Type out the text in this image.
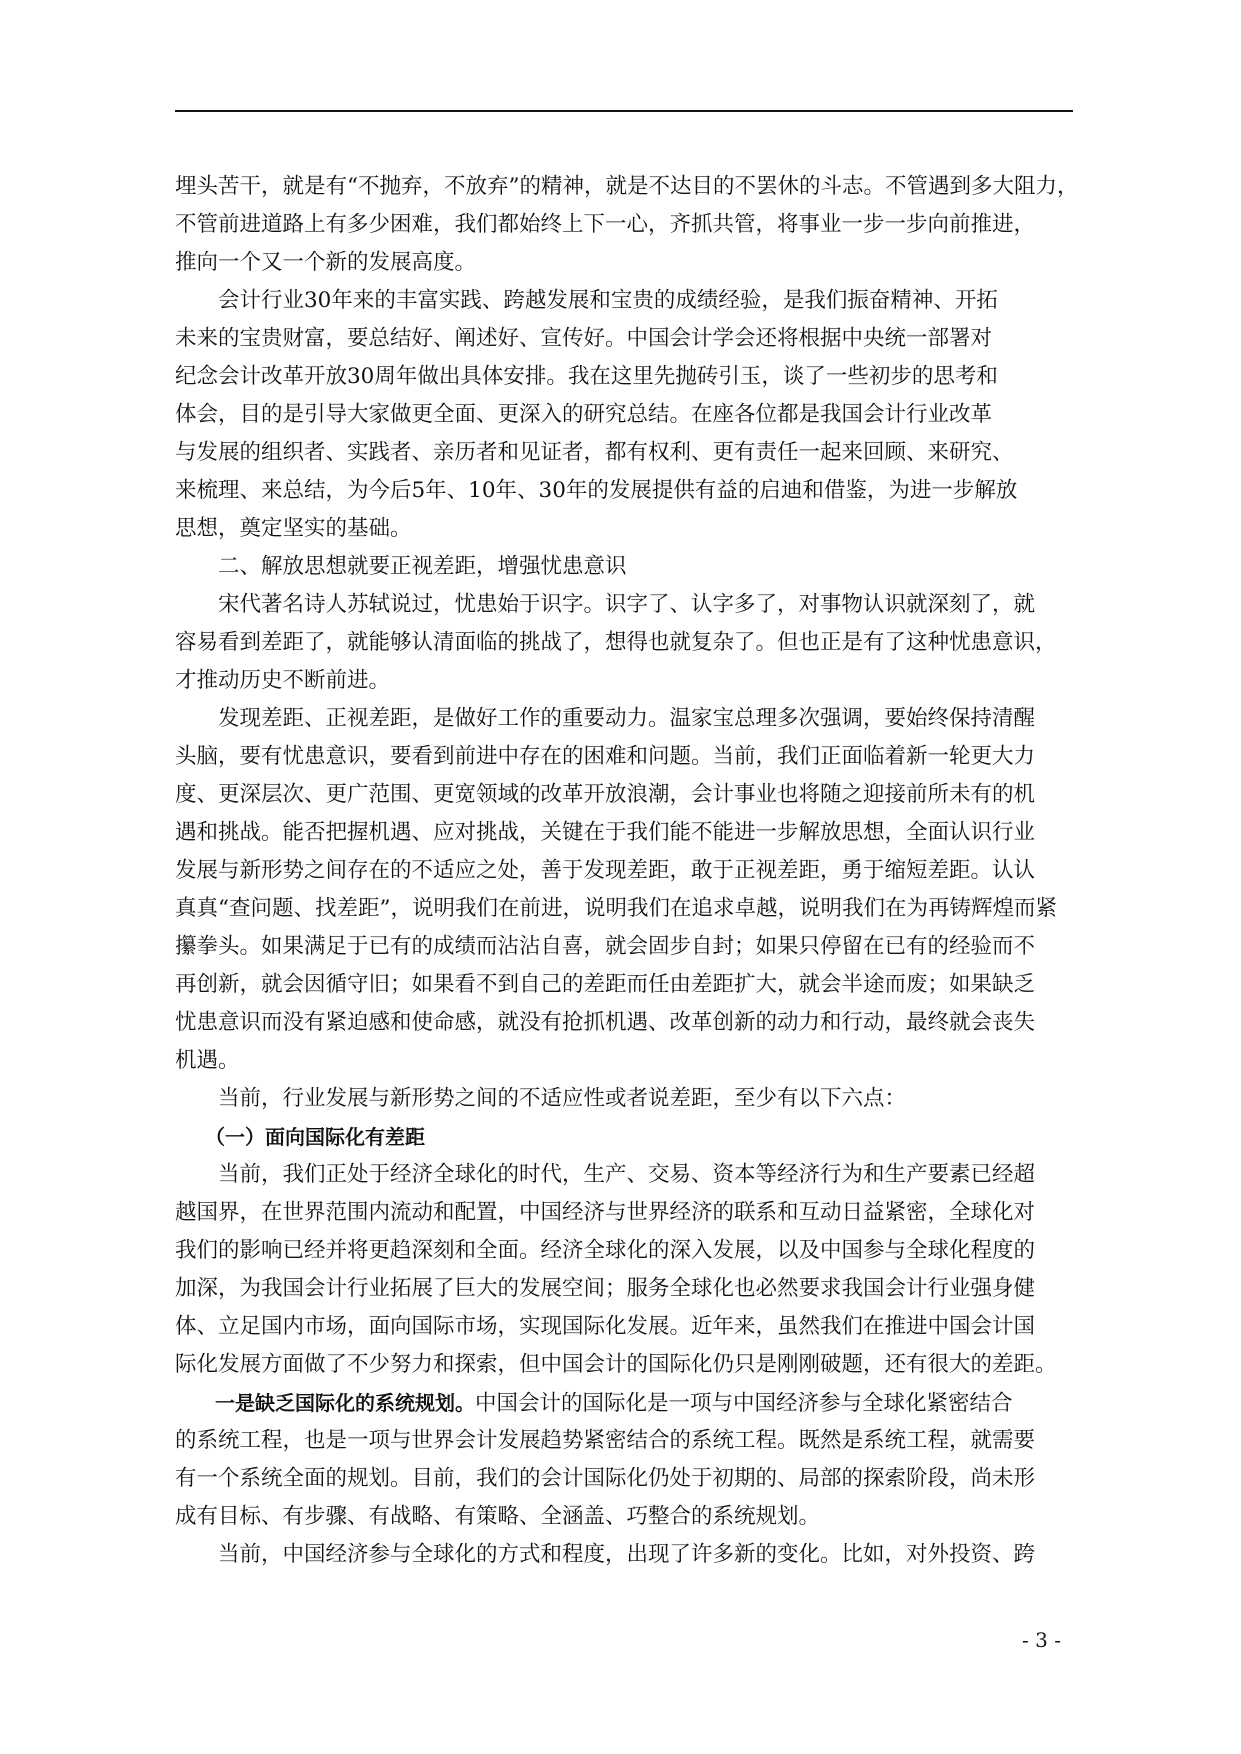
埋头苦干，就是有“不抛弃，不放弃”的精神，就是不达目的不罢休的斗志。不管遇到多大阻力，
不管前进道路上有多少困难，我们都始终上下一心，齐抓共管，将事业一步一步向前推进，
推向一个又一个新的发展高度。
　　会计行业30年来的丰富实践、跨越发展和宝贵的成绩经验，是我们振奋精神、开拓
未来的宝贵财富，要总结好、阐述好、宣传好。中国会计学会还将根据中央统一部署对
纪念会计改革开放30周年做出具体安排。我在这里先抛砖引玉，谈了一些初步的思考和
体会，目的是引导大家做更全面、更深入的研究总结。在座各位都是我国会计行业改革
与发展的组织者、实践者、亲历者和见证者，都有权利、更有责任一起来回顾、来研究、
来梳理、来总结，为今后5年、10年、30年的发展提供有益的启迪和借鉴，为进一步解放
思想，奠定坚实的基础。
　　二、解放思想就要正视差距，增强忧患意识
　　宋代著名诗人苏轼说过，忧患始于识字。识字了、认字多了，对事物认识就深刻了，就
容易看到差距了，就能够认清面临的挑战了，想得也就复杂了。但也正是有了这种忧患意识，
才推动历史不断前进。
　　发现差距、正视差距，是做好工作的重要动力。温家宝总理多次强调，要始终保持清醒
头脑，要有忧患意识，要看到前进中存在的困难和问题。当前，我们正面临着新一轮更大力
度、更深层次、更广范围、更宽领域的改革开放浪潮，会计事业也将随之迎接前所未有的机
遇和挑战。能否把握机遇、应对挑战，关键在于我们能不能进一步解放思想，全面认识行业
发展与新形势之间存在的不适应之处，善于发现差距，敢于正视差距，勇于缩短差距。认认
真真“查问题、找差距”，说明我们在前进，说明我们在追求卓越，说明我们在为再铸辉煌而紧
攥拳头。如果满足于已有的成绩而沾沾自喜，就会固步自封；如果只停留在已有的经验而不
再创新，就会因循守旧；如果看不到自己的差距而任由差距扩大，就会半途而废；如果缺乏
忧患意识而没有紧迫感和使命感，就没有抢抓机遇、改革创新的动力和行动，最终就会丧失
机遇。
　　当前，行业发展与新形势之间的不适应性或者说差距，至少有以下六点：
　　（一）面向国际化有差距
　　当前，我们正处于经济全球化的时代，生产、交易、资本等经济行为和生产要素已经超
越国界，在世界范围内流动和配置，中国经济与世界经济的联系和互动日益紧密，全球化对
我们的影响已经并将更趋深刻和全面。经济全球化的深入发展，以及中国参与全球化程度的
加深，为我国会计行业拓展了巨大的发展空间；服务全球化也必然要求我国会计行业强身健
体、立足国内市场，面向国际市场，实现国际化发展。近年来，虽然我们在推进中国会计国
际化发展方面做了不少努力和探索，但中国会计的国际化仍只是刚刚破题，还有很大的差距。
　　一是缺乏国际化的系统规划。中国会计的国际化是一项与中国经济参与全球化紧密结合
的系统工程，也是一项与世界会计发展趋势紧密结合的系统工程。既然是系统工程，就需要
有一个系统全面的规划。目前，我们的会计国际化仍处于初期的、局部的探索阶段，尚未形
成有目标、有步骤、有战略、有策略、全涵盖、巧整合的系统规划。
　　当前，中国经济参与全球化的方式和程度，出现了许多新的变化。比如，对外投资、跨
- 3 -
